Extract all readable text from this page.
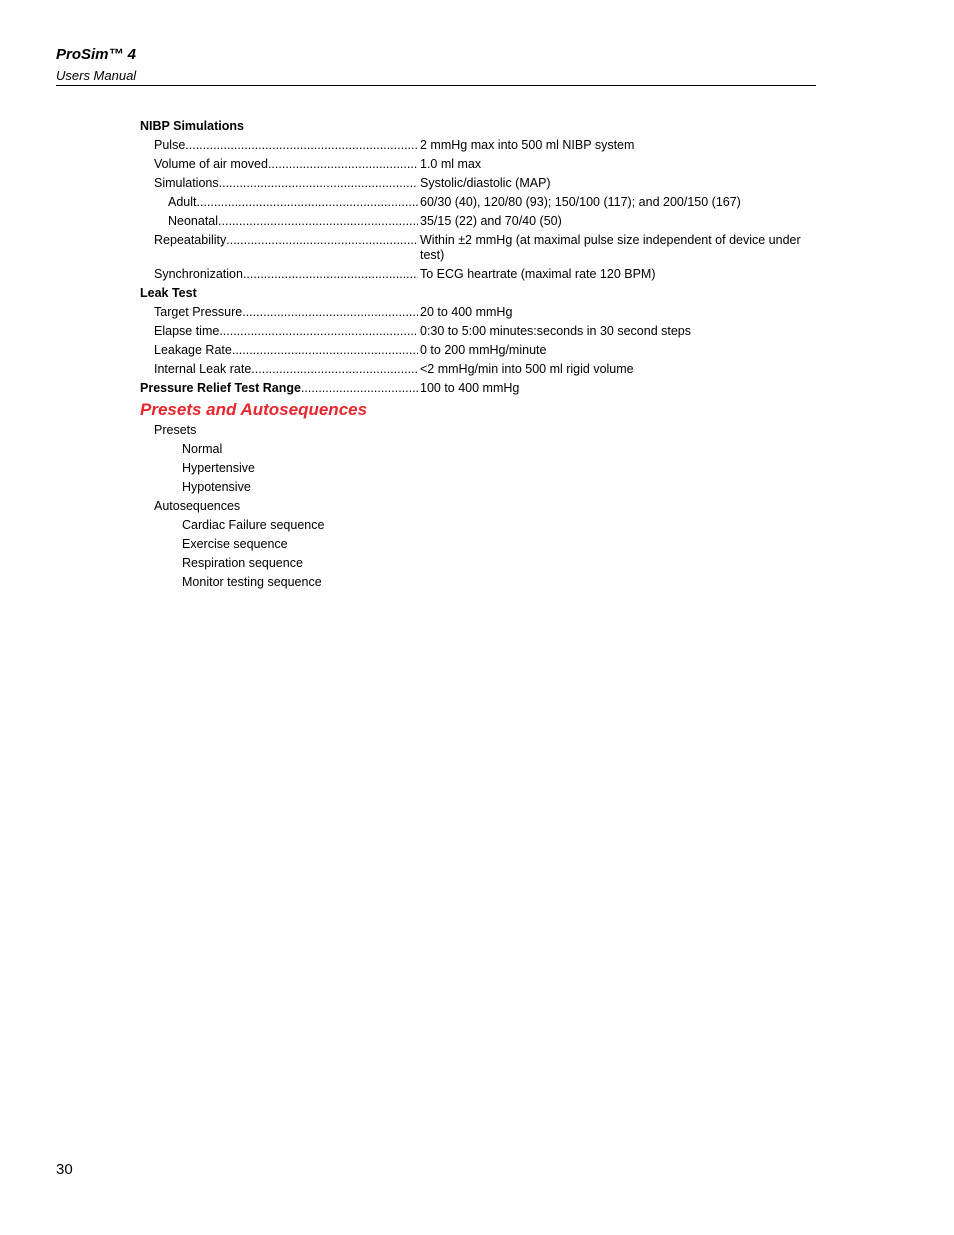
ProSim™ 4
Users Manual
NIBP Simulations
Pulse .....	2 mmHg max into 500 ml NIBP system
Volume of air moved .....	1.0 ml max
Simulations .....	Systolic/diastolic (MAP)
Adult .....	60/30 (40), 120/80 (93); 150/100 (117); and 200/150 (167)
Neonatal .....	35/15 (22) and 70/40 (50)
Repeatability .....	Within ±2 mmHg (at maximal pulse size independent of device under test)
Synchronization .....	To ECG heartrate (maximal rate 120 BPM)
Leak Test
Target Pressure .....	20 to 400 mmHg
Elapse time .....	0:30 to 5:00 minutes:seconds in 30 second steps
Leakage Rate .....	0 to 200 mmHg/minute
Internal Leak rate .....	<2 mmHg/min into 500 ml rigid volume
Pressure Relief Test Range .....	100 to 400 mmHg
Presets and Autosequences
Presets
Normal
Hypertensive
Hypotensive
Autosequences
Cardiac Failure sequence
Exercise sequence
Respiration sequence
Monitor testing sequence
30
